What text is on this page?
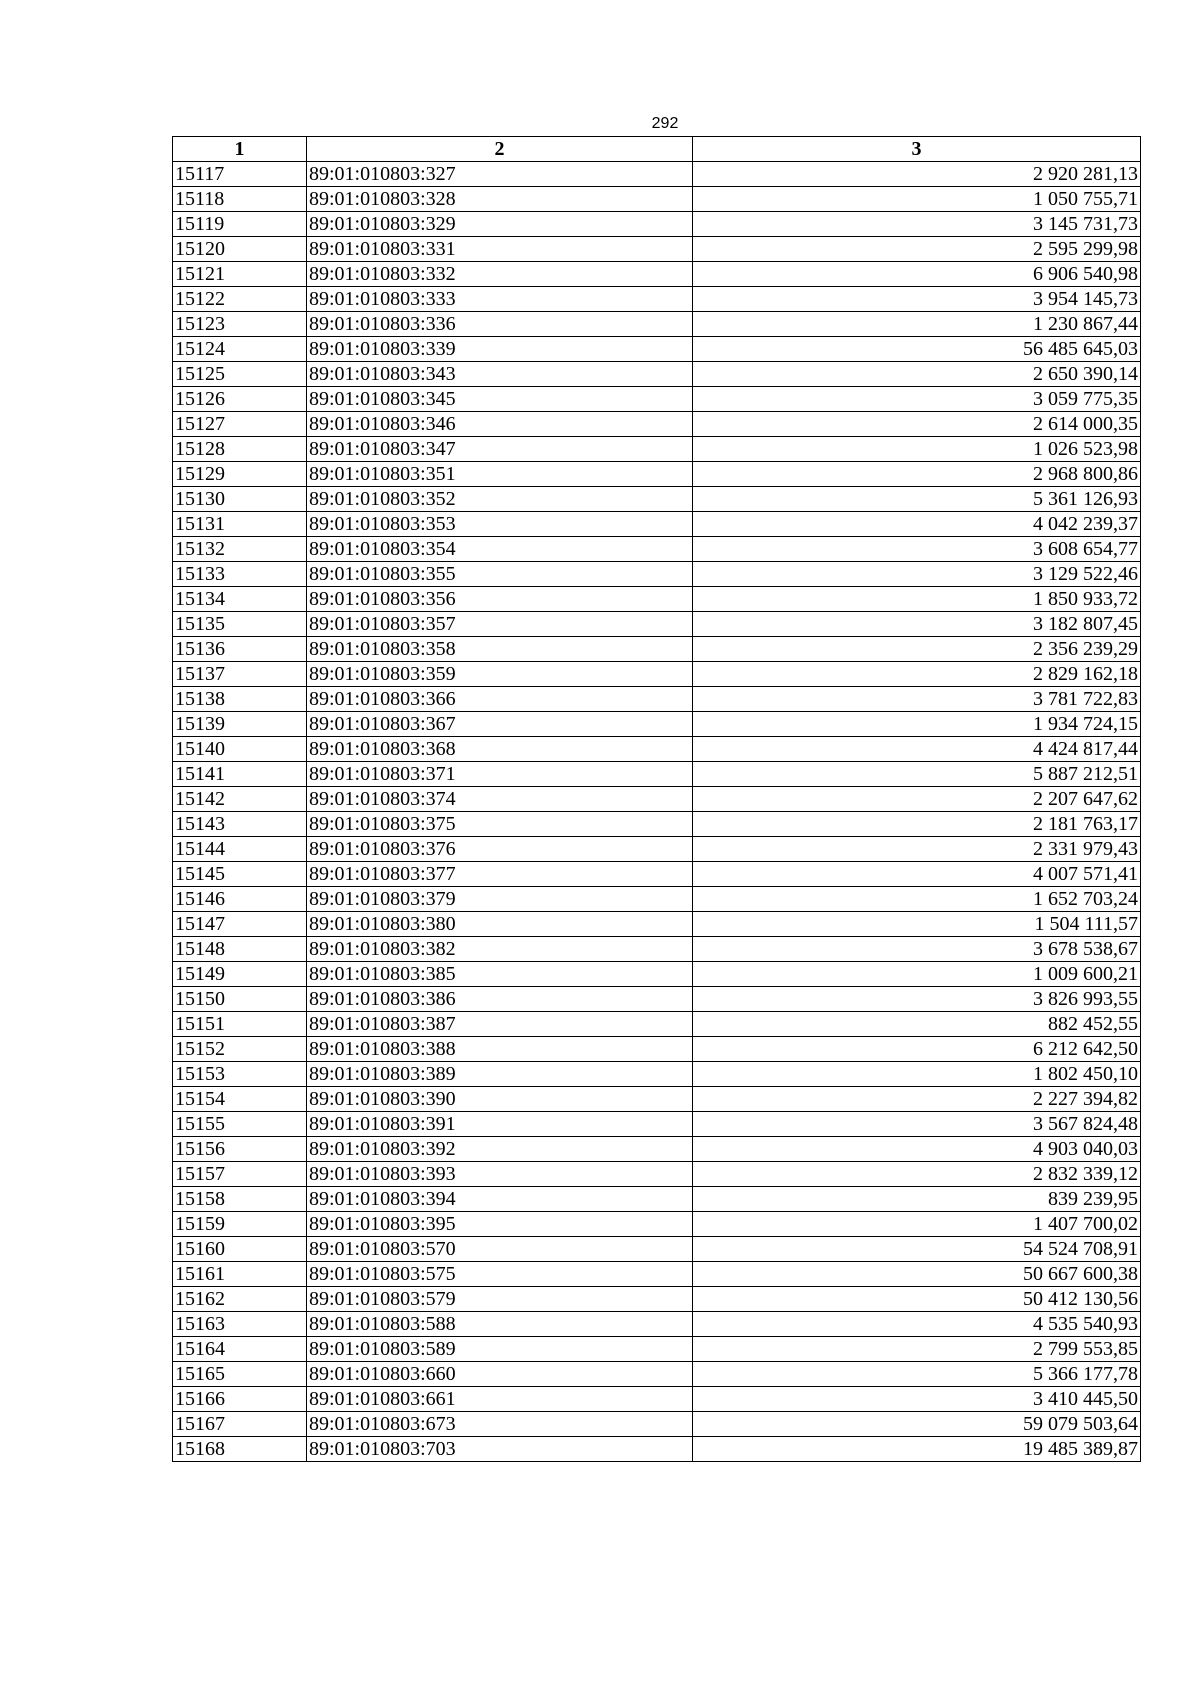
292
1	2	3
15117	89:01:010803:327	2 920 281,13
15118	89:01:010803:328	1 050 755,71
15119	89:01:010803:329	3 145 731,73
15120	89:01:010803:331	2 595 299,98
15121	89:01:010803:332	6 906 540,98
15122	89:01:010803:333	3 954 145,73
15123	89:01:010803:336	1 230 867,44
15124	89:01:010803:339	56 485 645,03
15125	89:01:010803:343	2 650 390,14
15126	89:01:010803:345	3 059 775,35
15127	89:01:010803:346	2 614 000,35
15128	89:01:010803:347	1 026 523,98
15129	89:01:010803:351	2 968 800,86
15130	89:01:010803:352	5 361 126,93
15131	89:01:010803:353	4 042 239,37
15132	89:01:010803:354	3 608 654,77
15133	89:01:010803:355	3 129 522,46
15134	89:01:010803:356	1 850 933,72
15135	89:01:010803:357	3 182 807,45
15136	89:01:010803:358	2 356 239,29
15137	89:01:010803:359	2 829 162,18
15138	89:01:010803:366	3 781 722,83
15139	89:01:010803:367	1 934 724,15
15140	89:01:010803:368	4 424 817,44
15141	89:01:010803:371	5 887 212,51
15142	89:01:010803:374	2 207 647,62
15143	89:01:010803:375	2 181 763,17
15144	89:01:010803:376	2 331 979,43
15145	89:01:010803:377	4 007 571,41
15146	89:01:010803:379	1 652 703,24
15147	89:01:010803:380	1 504 111,57
15148	89:01:010803:382	3 678 538,67
15149	89:01:010803:385	1 009 600,21
15150	89:01:010803:386	3 826 993,55
15151	89:01:010803:387	882 452,55
15152	89:01:010803:388	6 212 642,50
15153	89:01:010803:389	1 802 450,10
15154	89:01:010803:390	2 227 394,82
15155	89:01:010803:391	3 567 824,48
15156	89:01:010803:392	4 903 040,03
15157	89:01:010803:393	2 832 339,12
15158	89:01:010803:394	839 239,95
15159	89:01:010803:395	1 407 700,02
15160	89:01:010803:570	54 524 708,91
15161	89:01:010803:575	50 667 600,38
15162	89:01:010803:579	50 412 130,56
15163	89:01:010803:588	4 535 540,93
15164	89:01:010803:589	2 799 553,85
15165	89:01:010803:660	5 366 177,78
15166	89:01:010803:661	3 410 445,50
15167	89:01:010803:673	59 079 503,64
15168	89:01:010803:703	19 485 389,87
